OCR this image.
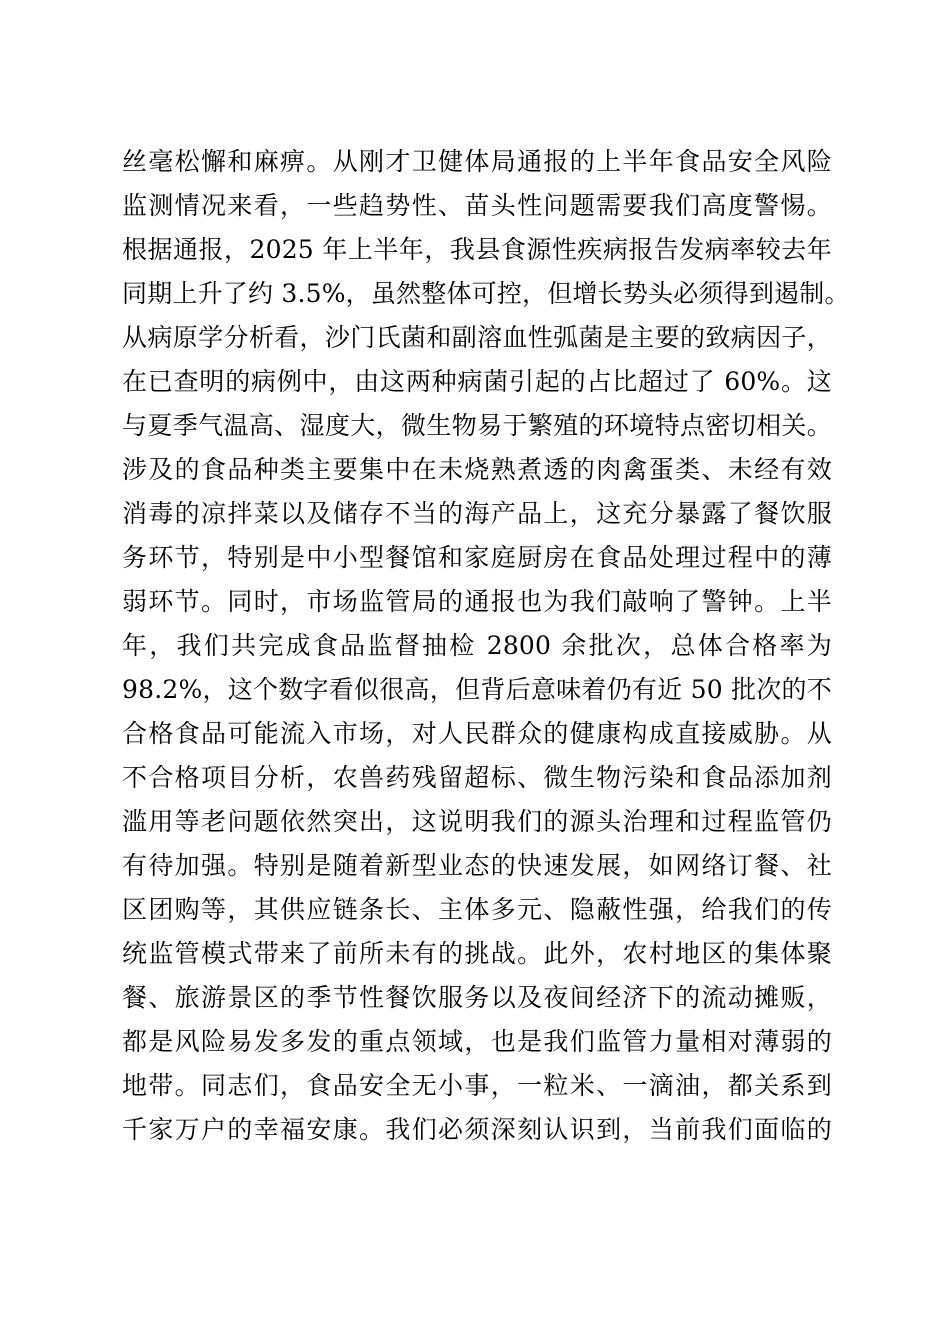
丝毫松懈和麻痹。从刚才卫健体局通报的上半年食品安全风险
监测情况来看，一些趋势性、苗头性问题需要我们高度警惕。
根据通报，2025 年上半年，我县食源性疾病报告发病率较去年
同期上升了约 3.5%，虽然整体可控，但增长势头必须得到遏制。
从病原学分析看，沙门氏菌和副溶血性弧菌是主要的致病因子，
在已查明的病例中，由这两种病菌引起的占比超过了 60%。这
与夏季气温高、湿度大，微生物易于繁殖的环境特点密切相关。
涉及的食品种类主要集中在未烧熟煮透的肉禽蛋类、未经有效
消毒的凉拌菜以及储存不当的海产品上，这充分暴露了餐饮服
务环节，特别是中小型餐馆和家庭厨房在食品处理过程中的薄
弱环节。同时，市场监管局的通报也为我们敲响了警钟。上半
年，我们共完成食品监督抽检 2800 余批次，总体合格率为
98.2%，这个数字看似很高，但背后意味着仍有近 50 批次的不
合格食品可能流入市场，对人民群众的健康构成直接威胁。从
不合格项目分析，农兽药残留超标、微生物污染和食品添加剂
滥用等老问题依然突出，这说明我们的源头治理和过程监管仍
有待加强。特别是随着新型业态的快速发展，如网络订餐、社
区团购等，其供应链条长、主体多元、隐蔽性强，给我们的传
统监管模式带来了前所未有的挑战。此外，农村地区的集体聚
餐、旅游景区的季节性餐饮服务以及夜间经济下的流动摊贩，
都是风险易发多发的重点领域，也是我们监管力量相对薄弱的
地带。同志们，食品安全无小事，一粒米、一滴油，都关系到
千家万户的幸福安康。我们必须深刻认识到，当前我们面临的
